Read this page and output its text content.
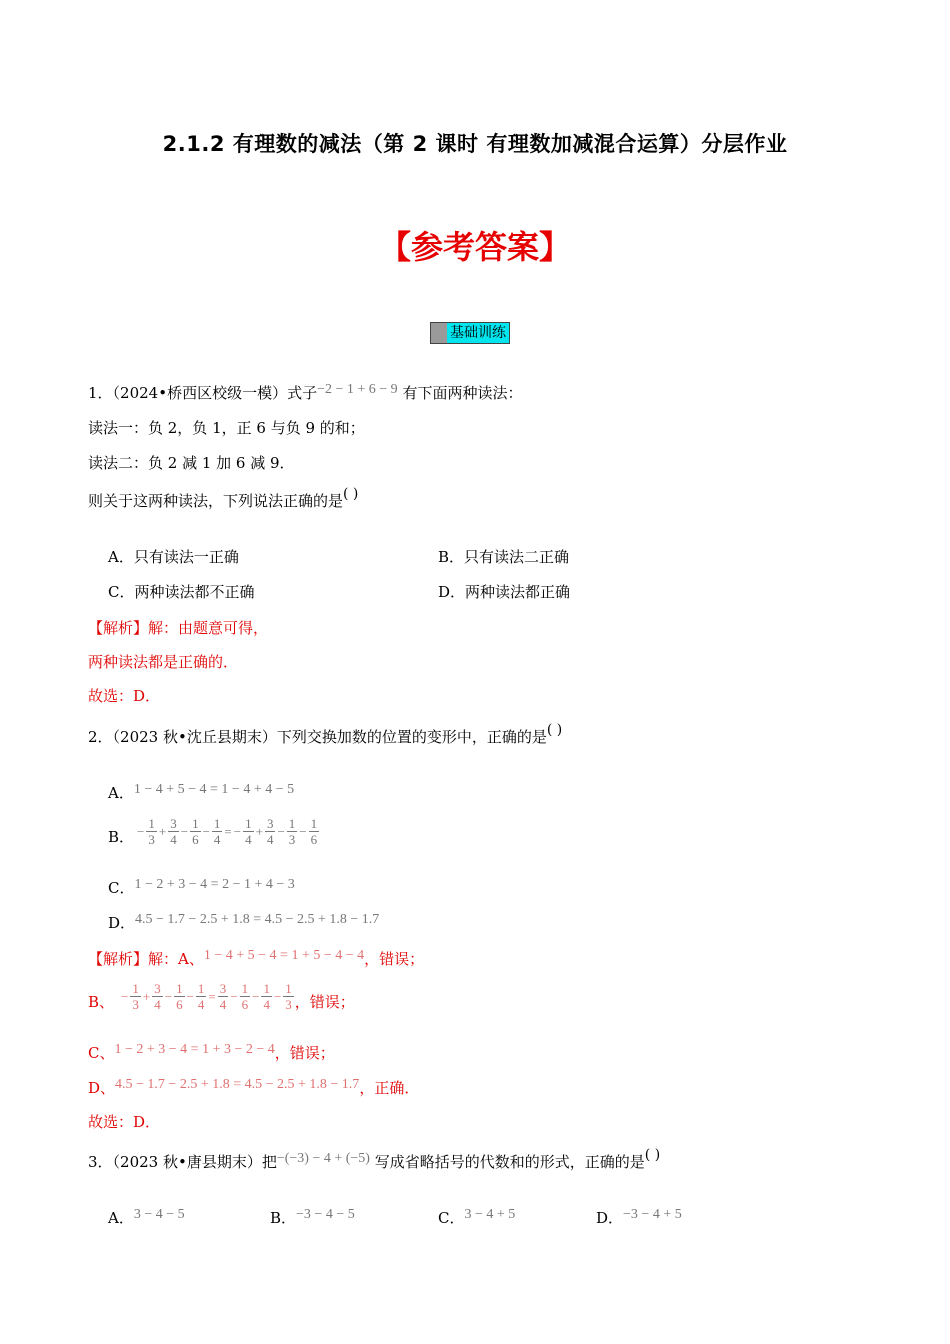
2.1.2 有理数的减法（第 2 课时 有理数加减混合运算）分层作业
【参考答案】
基础训练
1．（2024•桥西区校级一模）式子−2 − 1 + 6 − 9 有下面两种读法：
读法一：负 2，负 1，正 6 与负 9 的和；
读法二：负 2 减 1 加 6 减 9．
则关于这两种读法，下列说法正确的是( )
A．只有读法一正确	B．只有读法二正确
C．两种读法都不正确	D．两种读法都正确
【解析】解：由题意可得，
两种读法都是正确的．
故选：D．
2．（2023 秋•沈丘县期末）下列交换加数的位置的变形中，正确的是( )
A．1 − 4 + 5 − 4 = 1 − 4 + 4 − 5
B． − $\frac{1}{3} + \frac{3}{4} - \frac{1}{6} - \frac{1}{4}$ = − $\frac{1}{4} + \frac{3}{4} - \frac{1}{3} - \frac{1}{6}$
C．1 − 2 + 3 − 4 = 2 − 1 + 4 − 3
D．4.5 − 1.7 − 2.5 + 1.8 = 4.5 − 2.5 + 1.8 − 1.7
【解析】解：A、1 − 4 + 5 − 4 = 1 + 5 − 4 − 4，错误；
B、 − $\frac{1}{3} + \frac{3}{4} - \frac{1}{6} - \frac{1}{4} = \frac{3}{4} - \frac{1}{6} - \frac{1}{4} - \frac{1}{3}$ ，错误；
C、1 − 2 + 3 − 4 = 1 + 3 − 2 − 4，错误；
D、4.5 − 1.7 − 2.5 + 1.8 = 4.5 − 2.5 + 1.8 − 1.7，正确．
故选：D．
3．（2023 秋•唐县期末）把−(−3) − 4 + (−5) 写成省略括号的代数和的形式，正确的是( )
A．3 − 4 − 5	B．−3 − 4 − 5	C．3 − 4 + 5	D．−3 − 4 + 5
